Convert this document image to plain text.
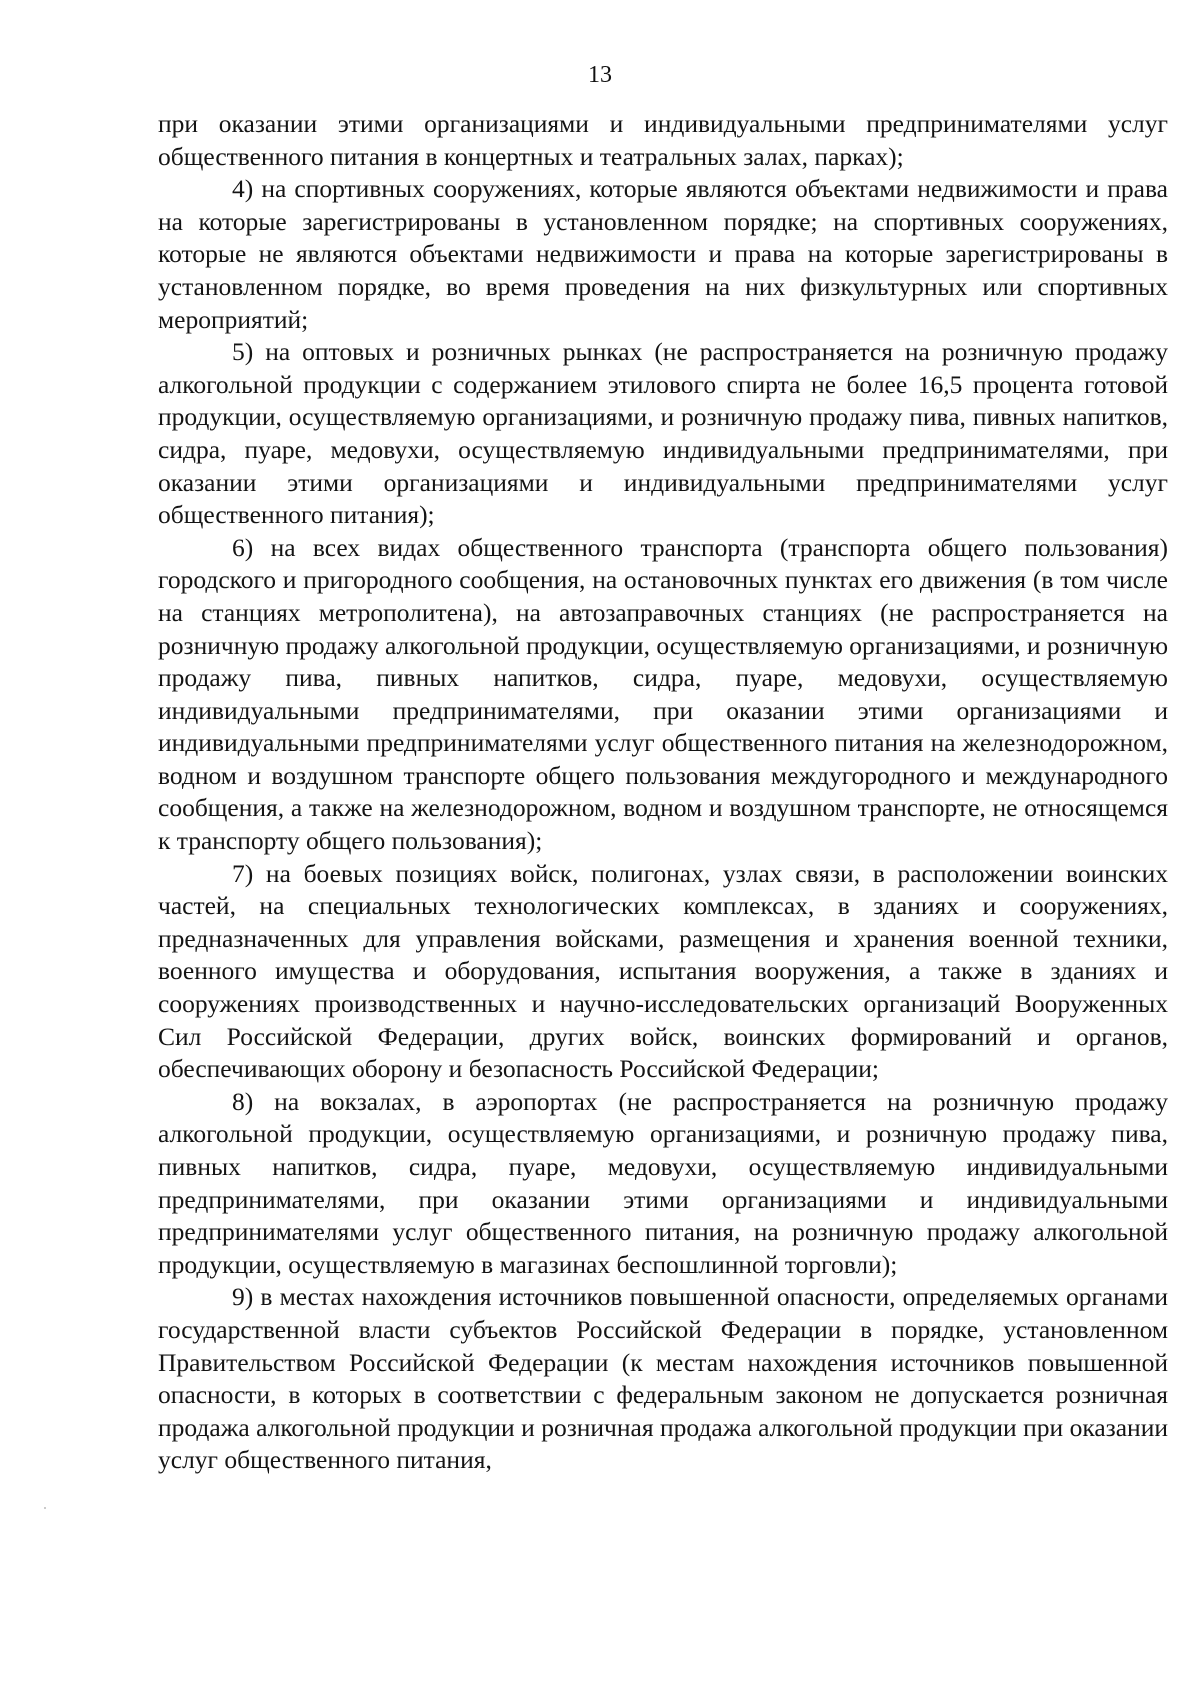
13

при оказании этими организациями и индивидуальными предпринимателями услуг общественного питания в концертных и театральных залах, парках);

4) на спортивных сооружениях, которые являются объектами недвижимости и права на которые зарегистрированы в установленном порядке; на спортивных сооружениях, которые не являются объектами недвижимости и права на которые зарегистрированы в установленном порядке, во время проведения на них физкультурных или спортивных мероприятий;

5) на оптовых и розничных рынках (не распространяется на розничную продажу алкогольной продукции с содержанием этилового спирта не более 16,5 процента готовой продукции, осуществляемую организациями, и розничную продажу пива, пивных напитков, сидра, пуаре, медовухи, осуществляемую индивидуальными предпринимателями, при оказании этими организациями и индивидуальными предпринимателями услуг общественного питания);

6) на всех видах общественного транспорта (транспорта общего пользования) городского и пригородного сообщения, на остановочных пунктах его движения (в том числе на станциях метрополитена), на автозаправочных станциях (не распространяется на розничную продажу алкогольной продукции, осуществляемую организациями, и розничную продажу пива, пивных напитков, сидра, пуаре, медовухи, осуществляемую индивидуальными предпринимателями, при оказании этими организациями и индивидуальными предпринимателями услуг общественного питания на железнодорожном, водном и воздушном транспорте общего пользования междугородного и международного сообщения, а также на железнодорожном, водном и воздушном транспорте, не относящемся к транспорту общего пользования);

7) на боевых позициях войск, полигонах, узлах связи, в расположении воинских частей, на специальных технологических комплексах, в зданиях и сооружениях, предназначенных для управления войсками, размещения и хранения военной техники, военного имущества и оборудования, испытания вооружения, а также в зданиях и сооружениях производственных и научно-исследовательских организаций Вооруженных Сил Российской Федерации, других войск, воинских формирований и органов, обеспечивающих оборону и безопасность Российской Федерации;

8) на вокзалах, в аэропортах (не распространяется на розничную продажу алкогольной продукции, осуществляемую организациями, и розничную продажу пива, пивных напитков, сидра, пуаре, медовухи, осуществляемую индивидуальными предпринимателями, при оказании этими организациями и индивидуальными предпринимателями услуг общественного питания, на розничную продажу алкогольной продукции, осуществляемую в магазинах беспошлинной торговли);

9) в местах нахождения источников повышенной опасности, определяемых органами государственной власти субъектов Российской Федерации в порядке, установленном Правительством Российской Федерации (к местам нахождения источников повышенной опасности, в которых в соответствии с федеральным законом не допускается розничная продажа алкогольной продукции и розничная продажа алкогольной продукции при оказании услуг общественного питания,
